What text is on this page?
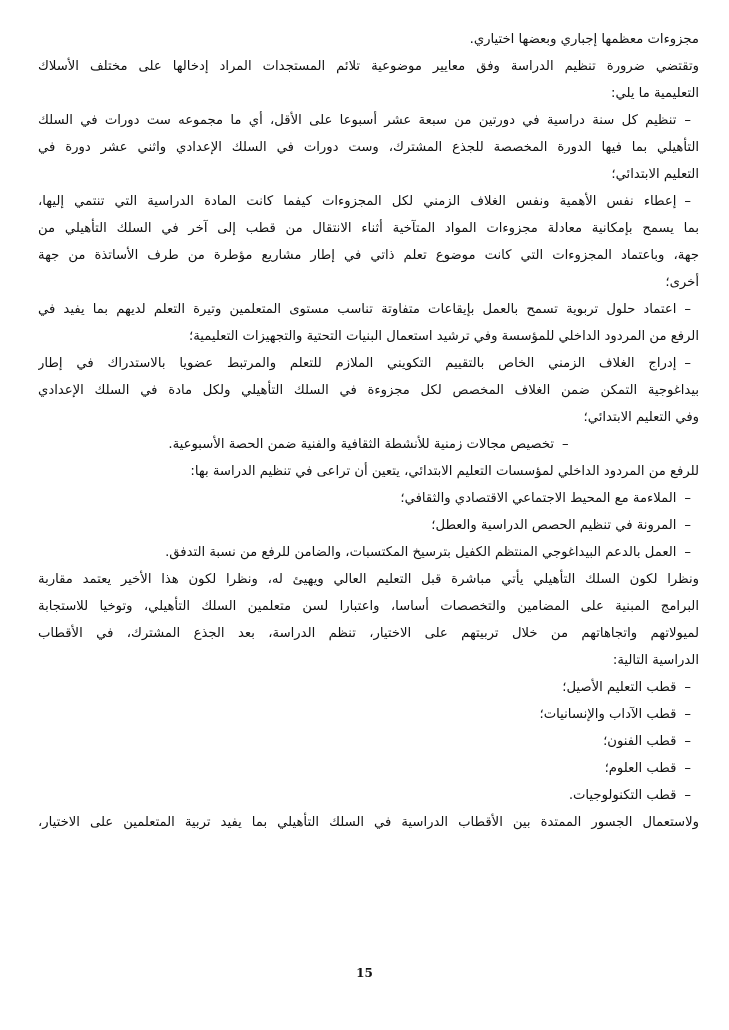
مجزوءات معظمها إجباري وبعضها اختياري.
وتقتضي ضرورة تنظيم الدراسة وفق معايير موضوعية تلائم المستجدات المراد إدخالها على مختلف الأسلاك
التعليمية ما يلي:
–تنظيم كل سنة دراسية في دورتين من سبعة عشر أسبوعا على الأقل، أي ما مجموعه ست دورات في السلك
التأهيلي بما فيها الدورة المخصصة للجذع المشترك، وست دورات في السلك الإعدادي واثني عشر دورة في
التعليم الابتدائي؛
–إعطاء نفس الأهمية ونفس الغلاف الزمني لكل المجزوءات كيفما كانت المادة الدراسية التي تنتمي إليها،
بما يسمح بإمكانية معادلة مجزوءات المواد المتآخية أثناء الانتقال من قطب إلى آخر في السلك التأهيلي من
جهة، وباعتماد المجزوءات التي كانت موضوع تعلم ذاتي في إطار مشاريع مؤطرة من طرف الأساتذة من جهة
أخرى؛
–اعتماد حلول تربوية تسمح بالعمل بإيقاعات متفاوتة تناسب مستوى المتعلمين وتيرة التعلم لديهم بما يفيد في
الرفع من المردود الداخلي للمؤسسة وفي ترشيد استعمال البنيات التحتية والتجهيزات التعليمية؛
–إدراج الغلاف الزمني الخاص بالتقييم التكويني الملازم للتعلم والمرتبط عضويا بالاستدراك في إطار
بيداغوجية التمكن ضمن الغلاف المخصص لكل مجزوءة في السلك التأهيلي ولكل مادة في السلك الإعدادي
وفي التعليم الابتدائي؛
–تخصيص مجالات زمنية للأنشطة الثقافية والفنية ضمن الحصة الأسبوعية.
للرفع من المردود الداخلي لمؤسسات التعليم الابتدائي، يتعين أن تراعى في تنظيم الدراسة بها:
–الملاءمة مع المحيط الاجتماعي الاقتصادي والثقافي؛
–المرونة في تنظيم الحصص الدراسية والعطل؛
–العمل بالدعم البيداغوجي المنتظم الكفيل بترسيخ المكتسبات، والضامن للرفع من نسبة التدفق.
ونظرا لكون السلك التأهيلي يأتي مباشرة قبل التعليم العالي ويهيئ له، ونظرا لكون هذا الأخير يعتمد مقاربة
البرامج المبنية على المضامين والتخصصات أساسا، واعتبارا لسن متعلمين السلك التأهيلي، وتوخيا للاستجابة
لميولاتهم واتجاهاتهم من خلال تربيتهم على الاختيار، تنظم الدراسة، بعد الجذع المشترك، في الأقطاب
الدراسية التالية:
–قطب التعليم الأصيل؛
–قطب الآداب والإنسانيات؛
–قطب الفنون؛
–قطب العلوم؛
–قطب التكنولوجيات.
ولاستعمال الجسور الممتدة بين الأقطاب الدراسية في السلك التأهيلي بما يفيد تربية المتعلمين على الاختيار،
15
